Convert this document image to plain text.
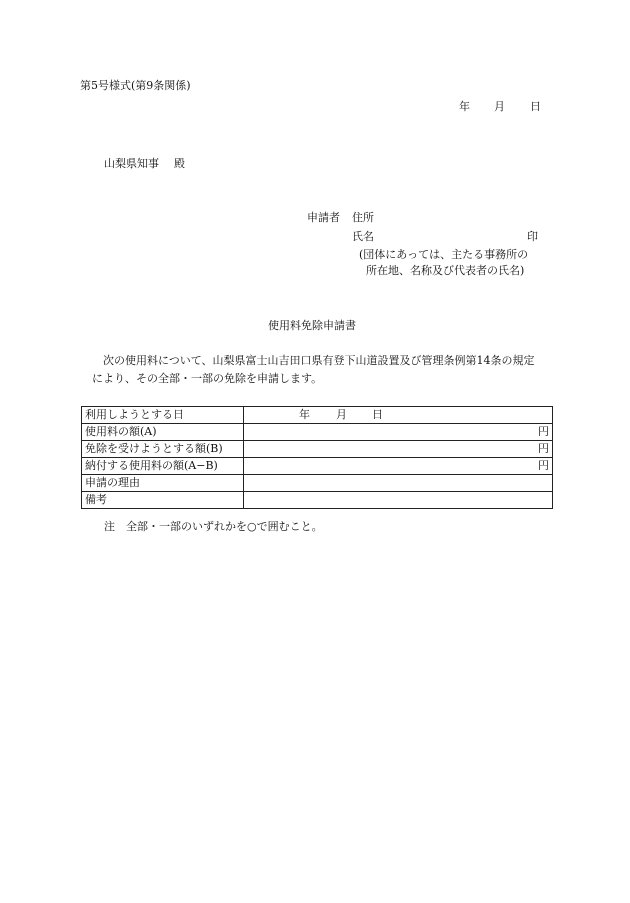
第5号様式(第9条関係)
年 月 日
山梨県知事 殿
申請者 住所
氏名	印
(団体にあっては、主たる事務所の
所在地、名称及び代表者の氏名)
使用料免除申請書
次の使用料について、山梨県富士山吉田口県有登下山道設置及び管理条例第14条の規定
により、その全部・一部の免除を申請します。
利用しようとする日	年 月 日

使用料の額(A)	円
免除を受けようとする額(B)	円
納付する使用料の額(A−B)	円
申請の理由	
備考	
注　全部・一部のいずれかを○で囲むこと。
